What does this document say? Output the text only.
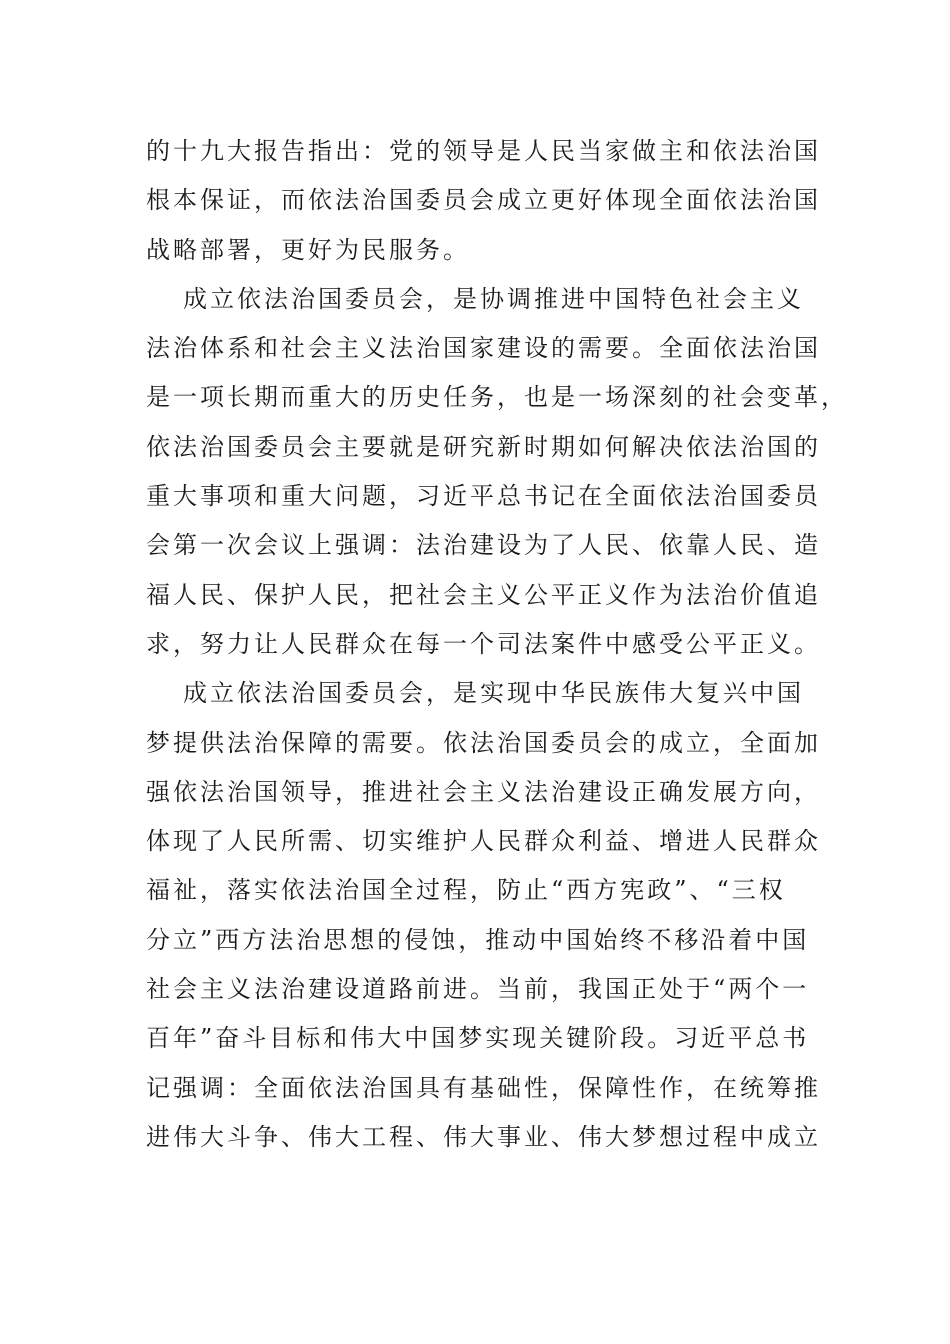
的十九大报告指出：党的领导是人民当家做主和依法治国
根本保证，而依法治国委员会成立更好体现全面依法治国
战略部署，更好为民服务。
成立依法治国委员会，是协调推进中国特色社会主义
法治体系和社会主义法治国家建设的需要。全面依法治国
是一项长期而重大的历史任务，也是一场深刻的社会变革，
依法治国委员会主要就是研究新时期如何解决依法治国的
重大事项和重大问题，习近平总书记在全面依法治国委员
会第一次会议上强调：法治建设为了人民、依靠人民、造
福人民、保护人民，把社会主义公平正义作为法治价值追
求，努力让人民群众在每一个司法案件中感受公平正义。
成立依法治国委员会，是实现中华民族伟大复兴中国
梦提供法治保障的需要。依法治国委员会的成立，全面加
强依法治国领导，推进社会主义法治建设正确发展方向，
体现了人民所需、切实维护人民群众利益、增进人民群众
福祉，落实依法治国全过程，防止“西方宪政”、“三权
分立”西方法治思想的侵蚀，推动中国始终不移沿着中国
社会主义法治建设道路前进。当前，我国正处于“两个一
百年”奋斗目标和伟大中国梦实现关键阶段。习近平总书
记强调：全面依法治国具有基础性，保障性作，在统筹推
进伟大斗争、伟大工程、伟大事业、伟大梦想过程中成立
